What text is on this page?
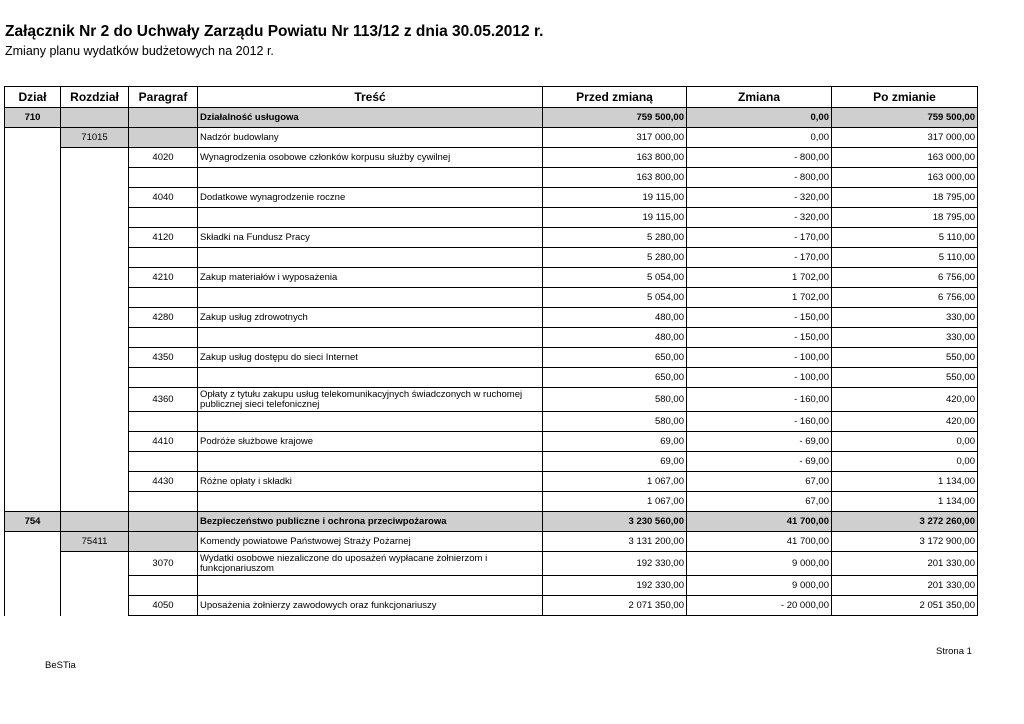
Załącznik Nr 2 do Uchwały Zarządu Powiatu Nr 113/12 z dnia 30.05.2012 r.
Zmiany planu wydatków budżetowych na 2012 r.
Dział	Rozdział	Paragraf	Treść	Przed zmianą	Zmiana	Po zmianie
710			Działalność usługowa	759 500,00	0,00	759 500,00
	71015		Nadzór budowlany	317 000,00	0,00	317 000,00
		4020	Wynagrodzenia osobowe członków korpusu służby cywilnej	163 800,00	- 800,00	163 000,00
				163 800,00	- 800,00	163 000,00
		4040	Dodatkowe wynagrodzenie roczne	19 115,00	- 320,00	18 795,00
				19 115,00	- 320,00	18 795,00
		4120	Składki na Fundusz Pracy	5 280,00	- 170,00	5 110,00
				5 280,00	- 170,00	5 110,00
		4210	Zakup materiałów i wyposażenia	5 054,00	1 702,00	6 756,00
				5 054,00	1 702,00	6 756,00
		4280	Zakup usług zdrowotnych	480,00	- 150,00	330,00
				480,00	- 150,00	330,00
		4350	Zakup usług dostępu do sieci Internet	650,00	- 100,00	550,00
				650,00	- 100,00	550,00
		4360	Opłaty z tytułu zakupu usług telekomunikacyjnych świadczonych w ruchomej publicznej sieci telefonicznej	580,00	- 160,00	420,00
				580,00	- 160,00	420,00
		4410	Podróże służbowe krajowe	69,00	- 69,00	0,00
				69,00	- 69,00	0,00
		4430	Różne opłaty i składki	1 067,00	67,00	1 134,00
				1 067,00	67,00	1 134,00
754			Bezpieczeństwo publiczne i ochrona przeciwpożarowa	3 230 560,00	41 700,00	3 272 260,00
	75411		Komendy powiatowe Państwowej Straży Pożarnej	3 131 200,00	41 700,00	3 172 900,00
		3070	Wydatki osobowe niezaliczone do uposażeń wypłacane żołnierzom i funkcjonariuszom	192 330,00	9 000,00	201 330,00
				192 330,00	9 000,00	201 330,00
		4050	Uposażenia żołnierzy zawodowych oraz funkcjonariuszy	2 071 350,00	- 20 000,00	2 051 350,00
BeSTia
Strona 1
